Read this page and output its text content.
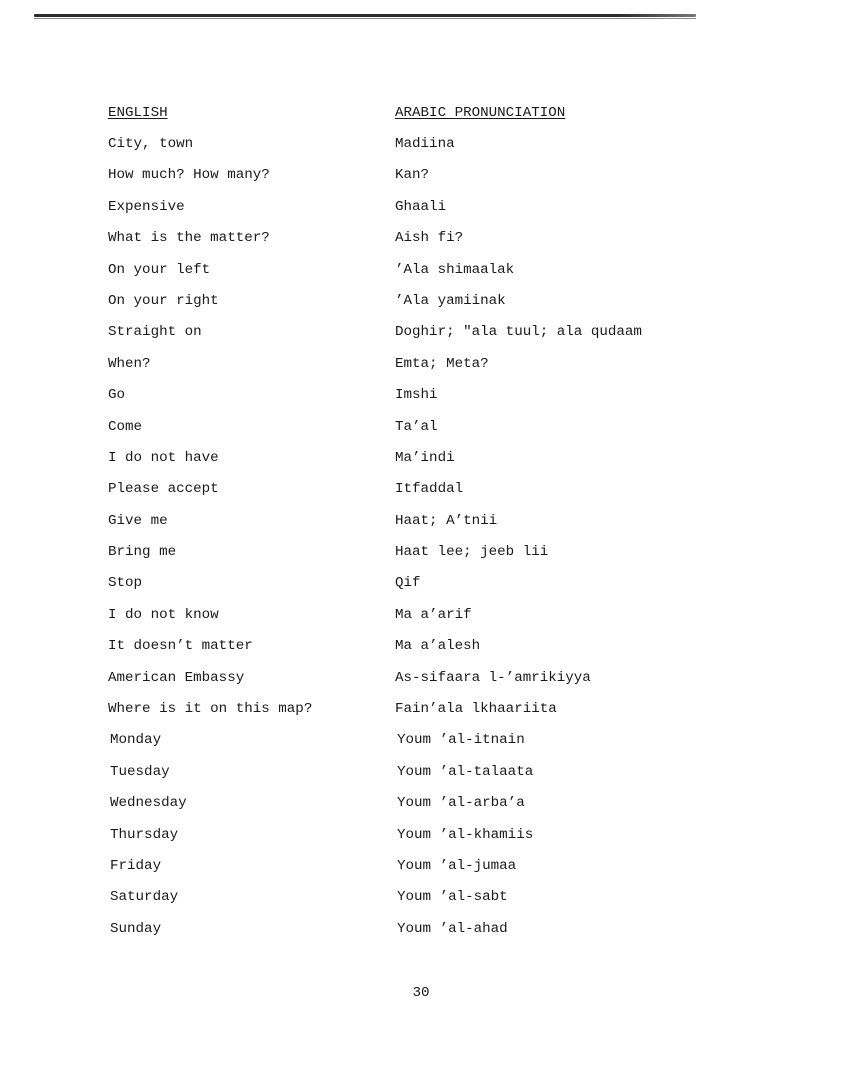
ENGLISH	ARABIC PRONUNCIATION
City, town	Madiina
How much? How many?	Kan?
Expensive	Ghaali
What is the matter?	Aish fi?
On your left	’Ala shimaalak
On your right	’Ala yamiinak
Straight on	Doghir; "ala tuul; ala qudaam
When?	Emta; Meta?
Go	Imshi
Come	Ta’al
I do not have	Ma’indi
Please accept	Itfaddal
Give me	Haat; A’tnii
Bring me	Haat lee; jeeb lii
Stop	Qif
I do not know	Ma a’arif
It doesn’t matter	Ma a’alesh
American Embassy	As-sifaara l-’amrikiyya
Where is it on this map?	Fain’ala lkhaariita
Monday	Youm ’al-itnain
Tuesday	Youm ’al-talaata
Wednesday	Youm ’al-arba’a
Thursday	Youm ’al-khamiis
Friday	Youm ’al-jumaa
Saturday	Youm ’al-sabt
Sunday	Youm ’al-ahad
30
